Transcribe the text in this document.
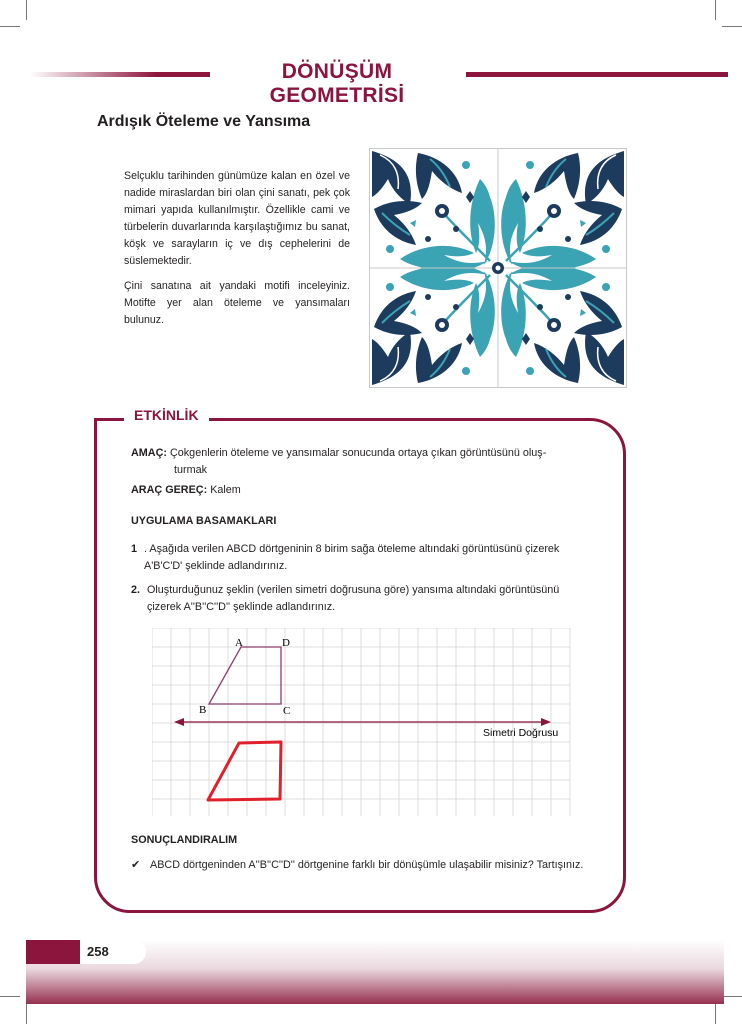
DÖNÜŞÜM GEOMETRİSİ
Ardışık Öteleme ve Yansıma

Selçuklu tarihinden günümüze kalan en özel ve nadide miraslardan biri olan çini sanatı, pek çok mimari yapıda kullanılmıştır. Özellikle cami ve türbelerin duvarlarında karşılaştığımız bu sanat, köşk ve sarayların iç ve dış cephelerini de süslemektedir.

Çini sanatına ait yandaki motifi inceleyiniz. Motifte yer alan öteleme ve yansımaları bulunuz.

ETKİNLİK
AMAÇ: Çokgenlerin öteleme ve yansımalar sonucunda ortaya çıkan görüntüsünü oluş-
turmak
ARAÇ GEREÇ: Kalem
UYGULAMA BASAMAKLARI
1 . Aşağıda verilen ABCD dörtgeninin 8 birim sağa öteleme altındaki görüntüsünü çizerek A'B'C'D' şeklinde adlandırınız.
2. Oluşturduğunuz şeklin (verilen simetri doğrusuna göre) yansıma altındaki görüntüsünü çizerek A''B''C''D'' şeklinde adlandırınız.
A	D
B	C
Simetri Doğrusu
SONUÇLANDIRALIM
✔ ABCD dörtgeninden A''B''C''D'' dörtgenine farklı bir dönüşümle ulaşabilir misiniz? Tartışınız.
258
